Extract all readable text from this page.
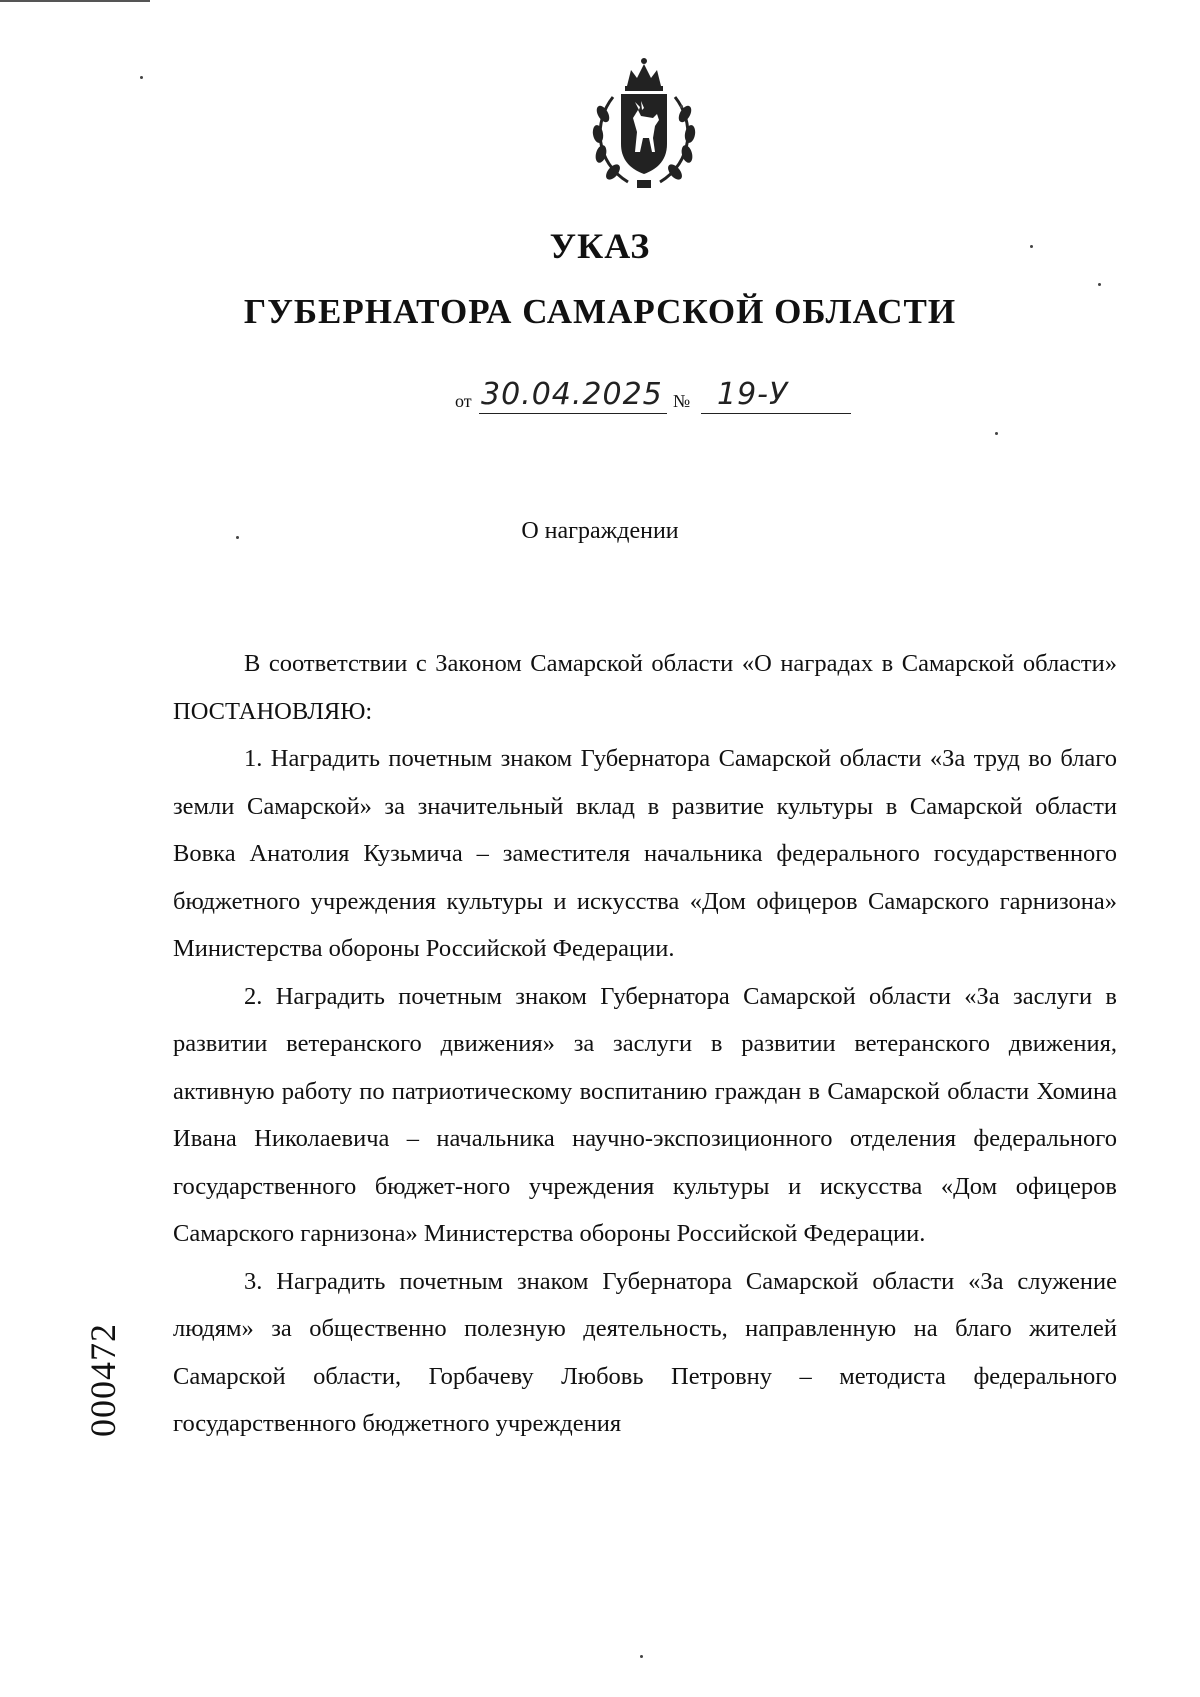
УКАЗ
ГУБЕРНАТОРА САМАРСКОЙ ОБЛАСТИ
от 30.04.2025 № 19-У
О награждении

В соответствии с Законом Самарской области «О наградах в Самарской области» ПОСТАНОВЛЯЮ:

1. Наградить почетным знаком Губернатора Самарской области «За труд во благо земли Самарской» за значительный вклад в развитие культуры в Самарской области Вовка Анатолия Кузьмича – заместителя начальника федерального государственного бюджетного учреждения культуры и искусства «Дом офицеров Самарского гарнизона» Министерства обороны Российской Федерации.

2. Наградить почетным знаком Губернатора Самарской области «За заслуги в развитии ветеранского движения» за заслуги в развитии ветеранского движения, активную работу по патриотическому воспитанию граждан в Самарской области Хомина Ивана Николаевича – начальника научно-экспозиционного отделения федерального государственного бюджет-ного учреждения культуры и искусства «Дом офицеров Самарского гарнизона» Министерства обороны Российской Федерации.

3. Наградить почетным знаком Губернатора Самарской области «За служение людям» за общественно полезную деятельность, направленную на благо жителей Самарской области, Горбачеву Любовь Петровну – методиста федерального государственного бюджетного учреждения

000472
